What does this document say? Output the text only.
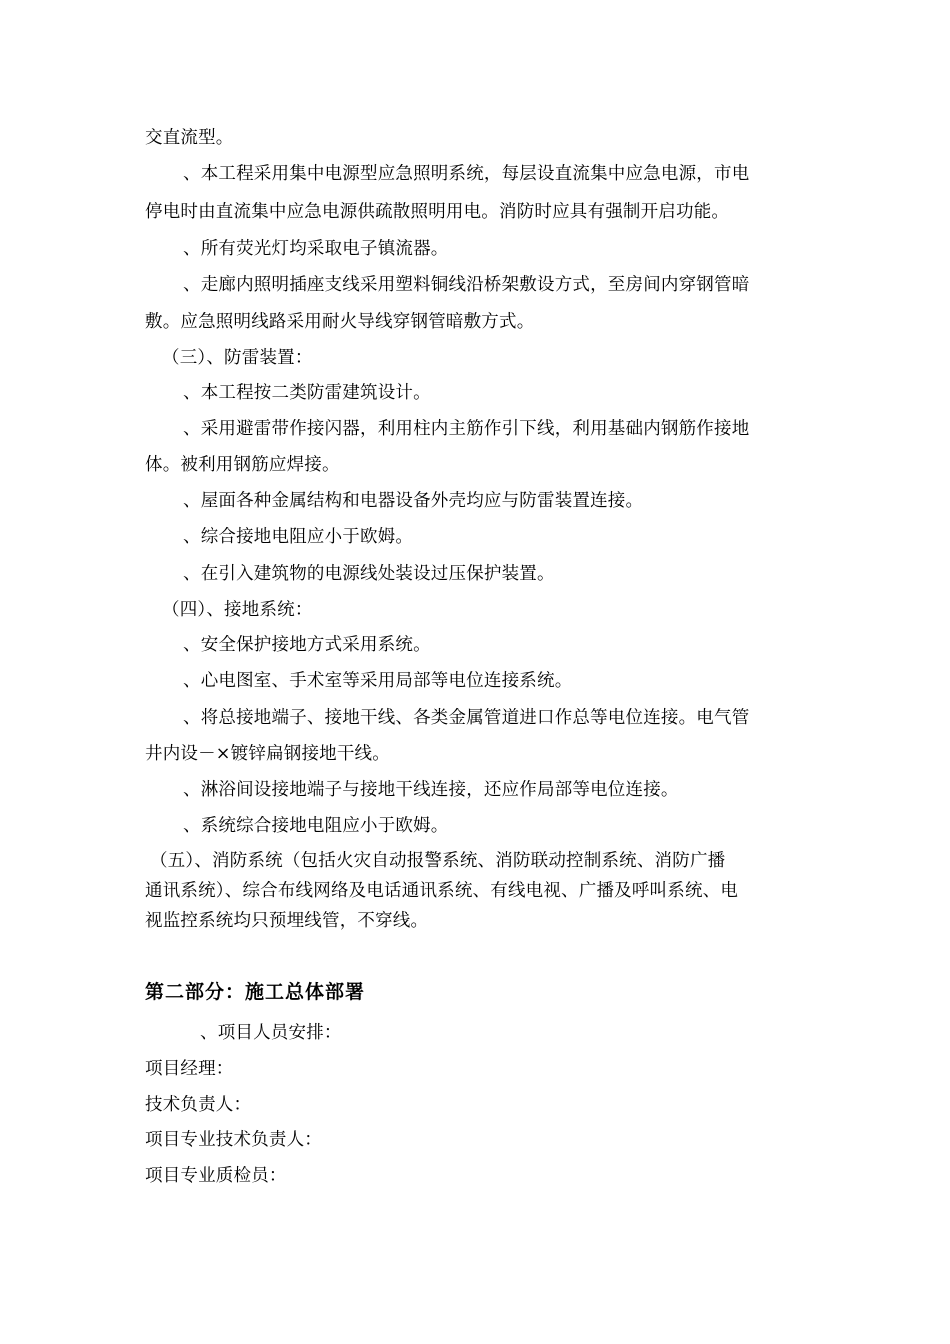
交直流型。
、本工程采用集中电源型应急照明系统，每层设直流集中应急电源，市电
停电时由直流集中应急电源供疏散照明用电。消防时应具有强制开启功能。
、所有荧光灯均采取电子镇流器。
、走廊内照明插座支线采用塑料铜线沿桥架敷设方式，至房间内穿钢管暗
敷。应急照明线路采用耐火导线穿钢管暗敷方式。
（三）、防雷装置：
、本工程按二类防雷建筑设计。
、采用避雷带作接闪器，利用柱内主筋作引下线，利用基础内钢筋作接地
体。被利用钢筋应焊接。
、屋面各种金属结构和电器设备外壳均应与防雷装置连接。
、综合接地电阻应小于欧姆。
、在引入建筑物的电源线处装设过压保护装置。
（四）、接地系统：
、安全保护接地方式采用系统。
、心电图室、手术室等采用局部等电位连接系统。
、将总接地端子、接地干线、各类金属管道进口作总等电位连接。电气管
井内设－×镀锌扁钢接地干线。
、淋浴间设接地端子与接地干线连接，还应作局部等电位连接。
、系统综合接地电阻应小于欧姆。
（五）、消防系统（包括火灾自动报警系统、消防联动控制系统、消防广播
通讯系统）、综合布线网络及电话通讯系统、有线电视、广播及呼叫系统、电
视监控系统均只预埋线管，不穿线。
第二部分：施工总体部署
、项目人员安排：
项目经理：
技术负责人：
项目专业技术负责人：
项目专业质检员：
